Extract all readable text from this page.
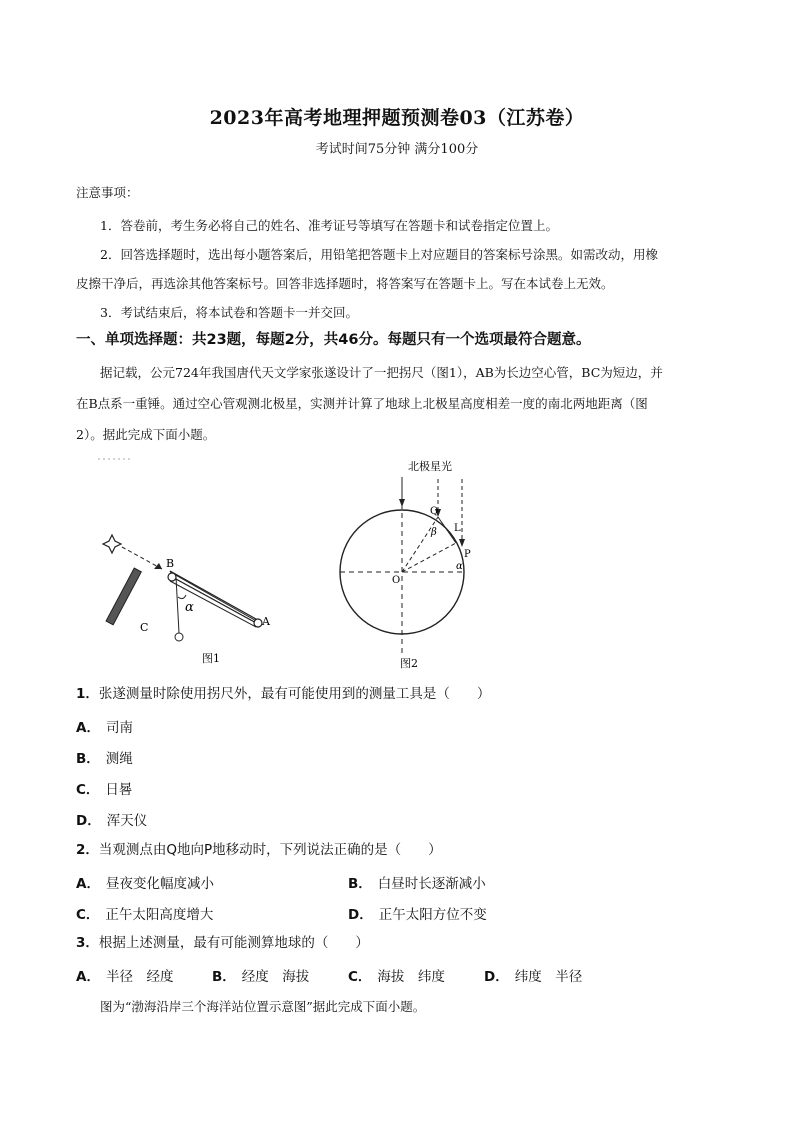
2023年高考地理押题预测卷03（江苏卷）
考试时间75分钟 满分100分
注意事项：
1．答卷前，考生务必将自己的姓名、准考证号等填写在答题卡和试卷指定位置上。
2．回答选择题时，选出每小题答案后，用铅笔把答题卡上对应题目的答案标号涂黑。如需改动，用橡
皮擦干净后，再选涂其他答案标号。回答非选择题时，将答案写在答题卡上。写在本试卷上无效。
3．考试结束后，将本试卷和答题卡一并交回。
一、单项选择题：共23题，每题2分，共46分。每题只有一个选项最符合题意。
据记载，公元724年我国唐代天文学家张遂设计了一把拐尺（图1），AB为长边空心管，BC为短边，并
在B点系一重锤。通过空心管观测北极星，实测并计算了地球上北极星高度相差一度的南北两地距离（图
2）。据此完成下面小题。
B
A
C
α
图1
北极星光
Q
P
L
β
α
O
图2
1．张遂测量时除使用拐尺外，最有可能使用到的测量工具是（　　）
A． 司南
B． 测绳
C． 日晷
D． 浑天仪
2．当观测点由Q地向P地移动时，下列说法正确的是（　　）
A． 昼夜变化幅度减小	B． 白昼时长逐渐减小
C． 正午太阳高度增大	D． 正午太阳方位不变
3．根据上述测量，最有可能测算地球的（　　）
A． 半径　经度	B． 经度　海拔	C． 海拔　纬度	D． 纬度　半径
图为“渤海沿岸三个海洋站位置示意图”据此完成下面小题。
